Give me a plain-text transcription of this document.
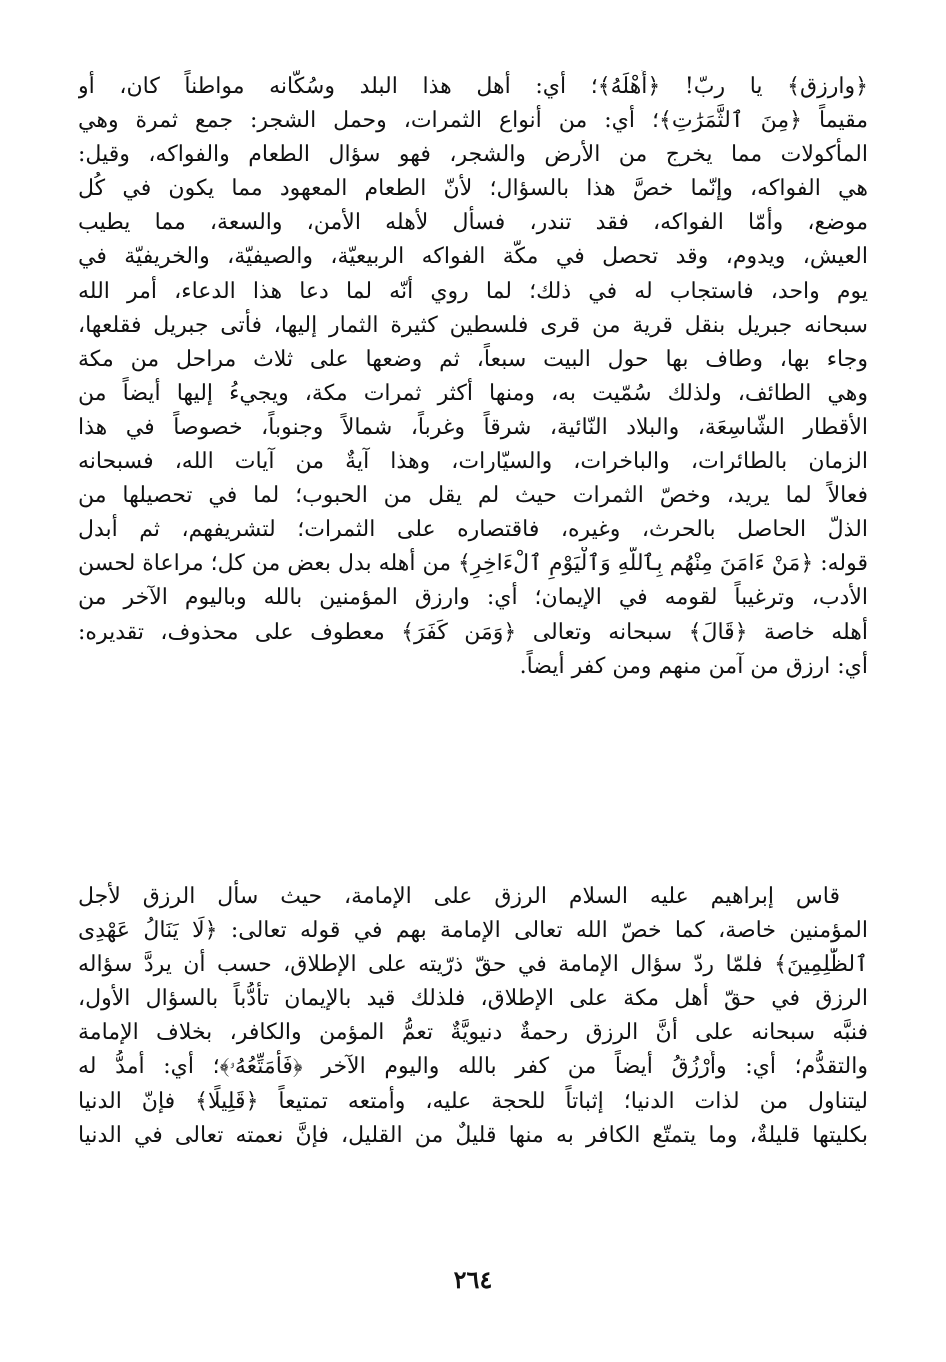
﴿وارزق﴾ يا ربّ! ﴿أَهْلَهُ﴾؛ أي: أهل هذا البلد وسُكّانه مواطناً كان، أو
مقيماً ﴿مِنَ ٱلثَّمَرَٰتِ﴾؛ أي: من أنواع الثمرات، وحمل الشجر: جمع ثمرة وهي
المأكولات مما يخرج من الأرض والشجر، فهو سؤال الطعام والفواكه، وقيل:
هي الفواكه، وإنّما خصَّ هذا بالسؤال؛ لأنّ الطعام المعهود مما يكون في كُل
موضع، وأمّا الفواكه، فقد تندر، فسأل لأهله الأمن، والسعة، مما يطيب
العيش، ويدوم، وقد تحصل في مكّة الفواكه الربيعيّة، والصيفيّة، والخريفيّة في
يوم واحد، فاستجاب له في ذلك؛ لما روي أنّه لما دعا هذا الدعاء، أمر الله
سبحانه جبريل بنقل قرية من قرى فلسطين كثيرة الثمار إليها، فأتى جبريل فقلعها،
وجاء بها، وطاف بها حول البيت سبعاً، ثم وضعها على ثلاث مراحل من مكة
وهي الطائف، ولذلك سُمّيت به، ومنها أكثر ثمرات مكة، ويجيءُ إليها أيضاً من
الأقطار الشّاسِعَة، والبلاد النّائية، شرقاً وغرباً، شمالاً وجنوباً، خصوصاً في هذا
الزمان بالطائرات، والباخرات، والسيّارات، وهذا آيةٌ من آيات الله، فسبحانه
فعالاً لما يريد، وخصّ الثمرات حيث لم يقل من الحبوب؛ لما في تحصيلها من
الذلّ الحاصل بالحرث، وغيره، فاقتصاره على الثمرات؛ لتشريفهم، ثم أبدل
قوله: ﴿مَنْ ءَامَنَ مِنْهُم بِٱللَّهِ وَٱلْيَوْمِ ٱلْءَاخِرِ﴾ من أهله بدل بعض من كل؛ مراعاة لحسن
الأدب، وترغيباً لقومه في الإيمان؛ أي: وارزق المؤمنين بالله وباليوم الآخر من
أهله خاصة ﴿قَالَ﴾ سبحانه وتعالى ﴿وَمَن كَفَرَ﴾ معطوف على محذوف، تقديره:
أي: ارزق من آمن منهم ومن كفر أيضاً.
قاس إبراهيم عليه السلام الرزق على الإمامة، حيث سأل الرزق لأجل
المؤمنين خاصة، كما خصّ الله تعالى الإمامة بهم في قوله تعالى: ﴿لَا يَنَالُ عَهْدِى
ٱلظَّٰلِمِينَ﴾ فلمّا ردّ سؤال الإمامة في حقّ ذرّيته على الإطلاق، حسب أن يردَّ سؤاله
الرزق في حقّ أهل مكة على الإطلاق، فلذلك قيد بالإيمان تأدُّباً بالسؤال الأول،
فنبَّه سبحانه على أنَّ الرزق رحمةٌ دنيويَّةٌ تعمُّ المؤمن والكافر، بخلاف الإمامة
والتقدُّم؛ أي: وأَرْزُقُ أيضاً من كفر بالله واليوم الآخر ﴿فَأُمَتِّعُهُۥ﴾؛ أي: أمدُّ له
ليتناول من لذات الدنيا؛ إثباتاً للحجة عليه، وأمتعه تمتيعاً ﴿قَلِيلًا﴾ فإنّ الدنيا
بكليتها قليلةٌ، وما يتمتّع الكافر به منها قليلٌ من القليل، فإنَّ نعمته تعالى في الدنيا
٢٦٤
